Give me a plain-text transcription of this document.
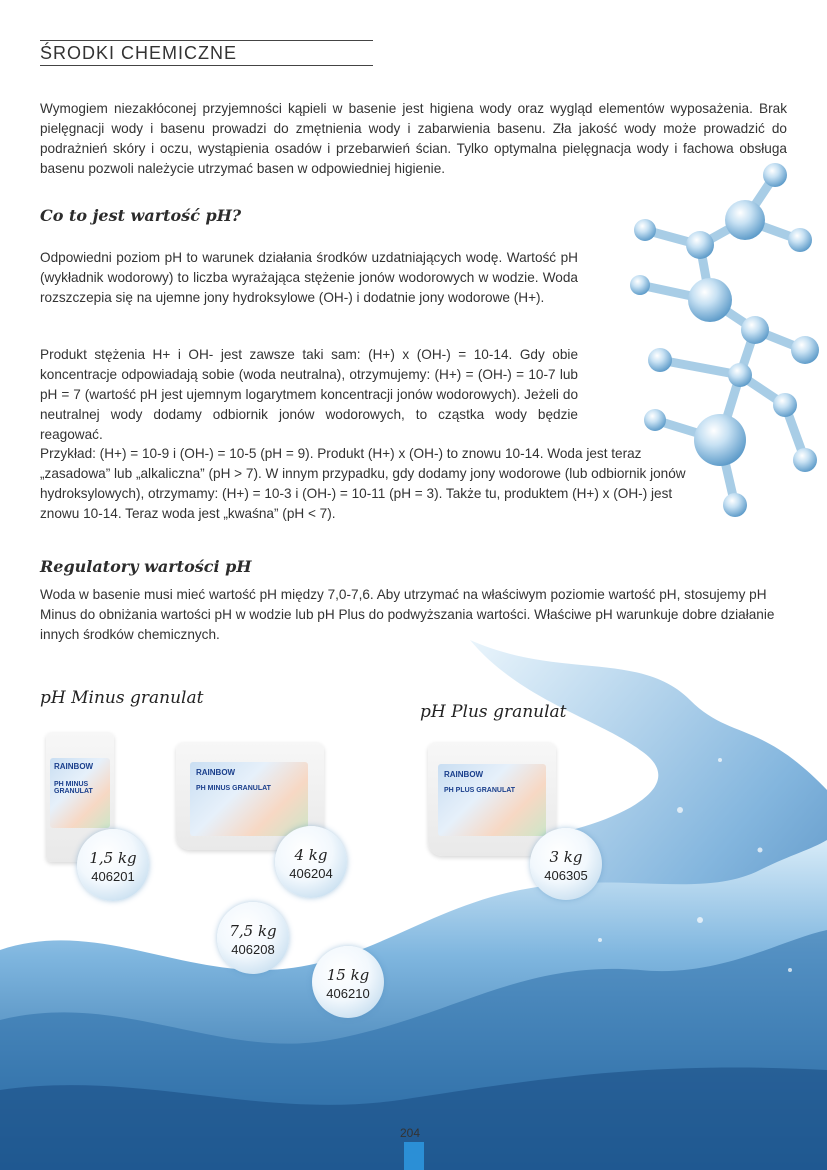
ŚRODKI CHEMICZNE
Wymogiem niezakłóconej przyjemności kąpieli w basenie jest higiena wody oraz wygląd elementów wyposażenia. Brak pielęgnacji wody i basenu prowadzi do zmętnienia wody i zabarwienia basenu. Zła jakość wody może prowadzić do podrażnień skóry i oczu, wystąpienia osadów i przebarwień ścian. Tylko optymalna pielęgnacja wody i fachowa obsługa basenu pozwoli należycie utrzymać basen w odpowiedniej higienie.
Co to jest wartość pH?
Odpowiedni poziom pH to warunek działania środków uzdatniających wodę. Wartość pH (wykładnik wodorowy) to liczba wyrażająca stężenie jonów wodorowych w wodzie. Woda rozszczepia się na ujemne jony hydroksylowe (OH-) i dodatnie jony wodorowe (H+).
Produkt stężenia H+ i OH- jest zawsze taki sam: (H+) x (OH-) = 10-14. Gdy obie koncentracje odpowiadają sobie (woda neutralna), otrzymujemy: (H+) = (OH-) = 10-7 lub pH = 7 (wartość pH jest ujemnym logarytmem koncentracji jonów wodorowych). Jeżeli do neutralnej wody dodamy odbiornik jonów wodorowych, to cząstka wody będzie reagować.
Przykład: (H+) = 10-9 i (OH-) = 10-5 (pH = 9). Produkt (H+) x (OH-) to znowu 10-14. Woda jest teraz „zasadowa” lub „alkaliczna” (pH > 7). W innym przypadku, gdy dodamy jony wodorowe (lub odbiornik jonów hydroksylowych), otrzymamy: (H+) = 10-3 i (OH-) = 10-11 (pH = 3). Także tu, produktem (H+) x (OH-) jest znowu 10-14. Teraz woda jest „kwaśna” (pH < 7).
Regulatory wartości pH
Woda w basenie musi mieć wartość pH między 7,0-7,6. Aby utrzymać na właściwym poziomie wartość pH, stosujemy pH Minus do obniżania wartości pH w wodzie lub pH Plus do podwyższania wartości. Właściwe pH warunkuje dobre działanie innych środków chemicznych.
pH Minus granulat
pH Plus granulat
RAINBOW
PH MINUS GRANULAT
RAINBOW
PH MINUS GRANULAT
RAINBOW
PH PLUS GRANULAT
1,5 kg
406201
4 kg
406204
7,5 kg
406208
15 kg
406210
3 kg
406305
204
